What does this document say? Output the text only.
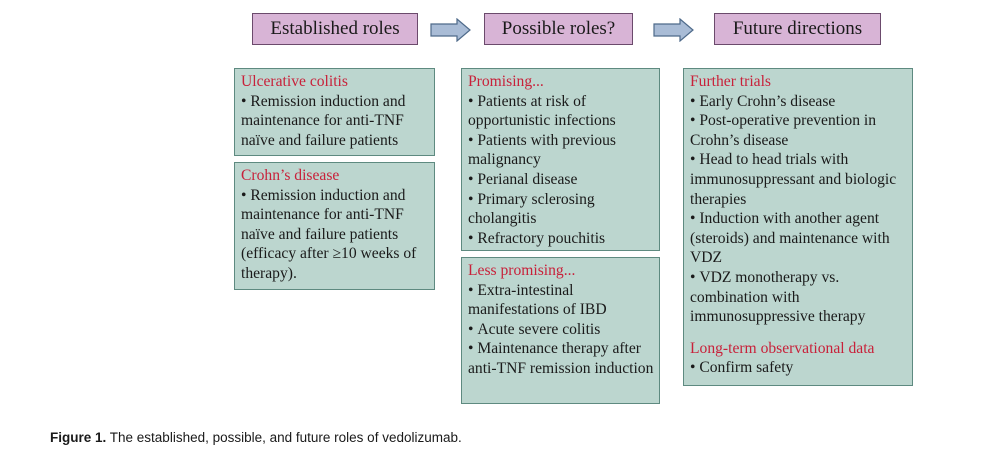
Established roles	Possible roles?	Future directions
Ulcerative colitis
• Remission induction and maintenance for anti-TNF naïve and failure patients
Crohn’s disease
• Remission induction and maintenance for anti-TNF naïve and failure patients (efficacy after ≥10 weeks of therapy).
Promising...
• Patients at risk of opportunistic infections
• Patients with previous malignancy
• Perianal disease
• Primary sclerosing cholangitis
• Refractory pouchitis
Less promising...
• Extra-intestinal manifestations of IBD
• Acute severe colitis
• Maintenance therapy after anti-TNF remission induction
Further trials
• Early Crohn’s disease
• Post-operative prevention in Crohn’s disease
• Head to head trials with immunosuppressant and biologic therapies
• Induction with another agent (steroids) and maintenance with VDZ
• VDZ monotherapy vs. combination with immunosuppressive therapy
Long-term observational data
• Confirm safety
Figure 1. The established, possible, and future roles of vedolizumab.
